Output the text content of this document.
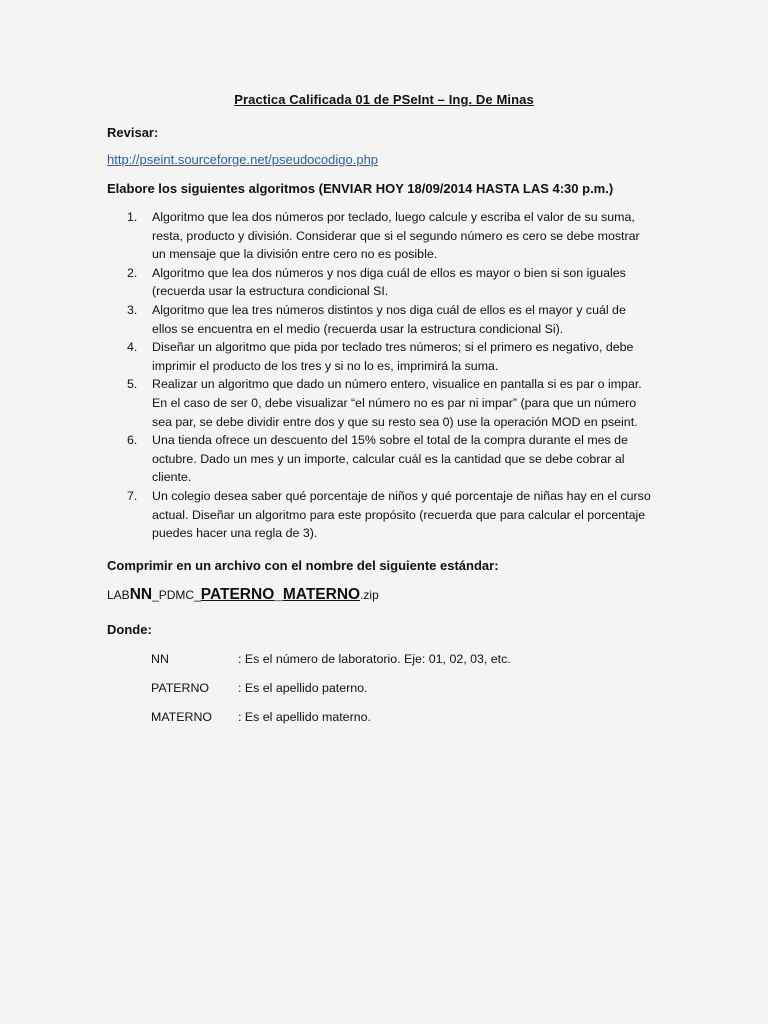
Practica Calificada 01 de PSeInt – Ing. De Minas
Revisar:
http://pseint.sourceforge.net/pseudocodigo.php
Elabore los siguientes algoritmos (ENVIAR HOY 18/09/2014 HASTA LAS 4:30 p.m.)
1. Algoritmo que lea dos números por teclado, luego calcule y escriba el valor de su suma,
resta, producto y división. Considerar que si el segundo número es cero se debe mostrar
un mensaje que la división entre cero no es posible.
2. Algoritmo que lea dos números y nos diga cuál de ellos es mayor o bien si son iguales
(recuerda usar la estructura condicional SI.
3. Algoritmo que lea tres números distintos y nos diga cuál de ellos es el mayor y cuál de
ellos se encuentra en el medio (recuerda usar la estructura condicional Si).
4. Diseñar un algoritmo que pida por teclado tres números; si el primero es negativo, debe
imprimir el producto de los tres y si no lo es, imprimirá la suma.
5. Realizar un algoritmo que dado un número entero, visualice en pantalla si es par o impar.
En el caso de ser 0, debe visualizar “el número no es par ni impar” (para que un número
sea par, se debe dividir entre dos y que su resto sea 0) use la operación MOD en pseint.
6. Una tienda ofrece un descuento del 15% sobre el total de la compra durante el mes de
octubre. Dado un mes y un importe, calcular cuál es la cantidad que se debe cobrar al
cliente.
7. Un colegio desea saber qué porcentaje de niños y qué porcentaje de niñas hay en el curso
actual. Diseñar un algoritmo para este propósito (recuerda que para calcular el porcentaje
puedes hacer una regla de 3).
Comprimir en un archivo con el nombre del siguiente estándar:
LABNN_PDMC_PATERNO_MATERNO.zip
Donde:
NN	: Es el número de laboratorio. Eje: 01, 02, 03, etc.
PATERNO : Es el apellido paterno.
MATERNO : Es el apellido materno.
